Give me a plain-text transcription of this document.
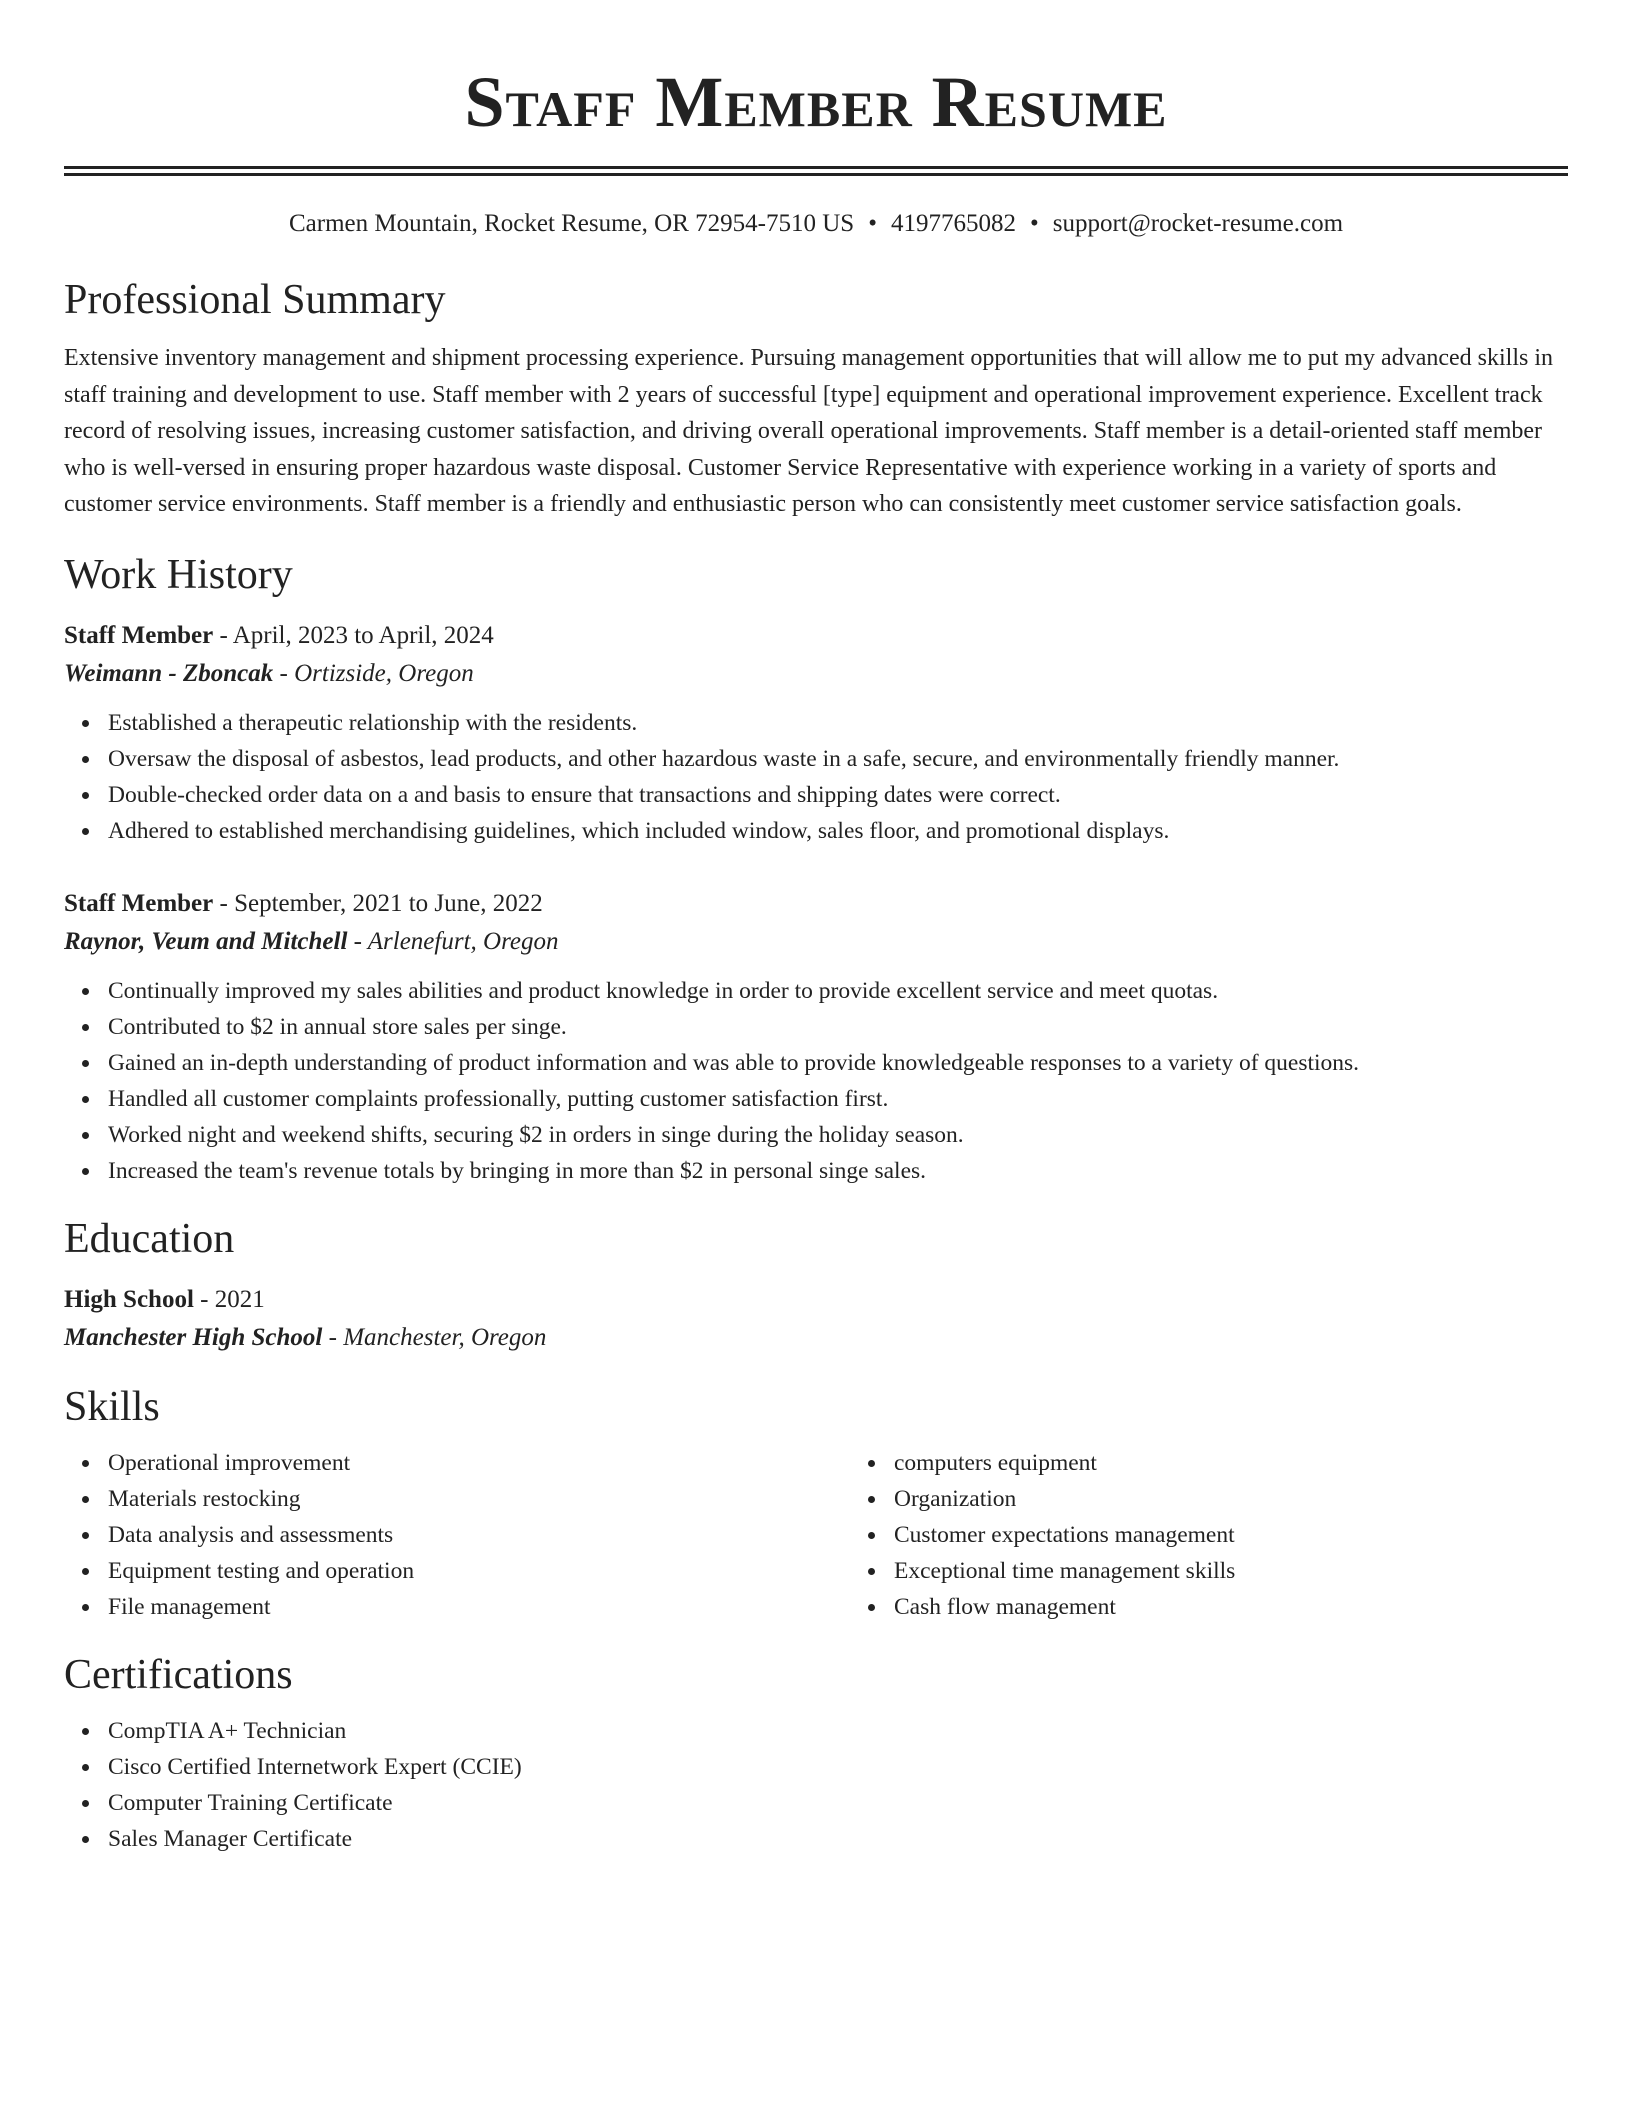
Staff Member Resume
Carmen Mountain, Rocket Resume, OR 72954-7510 US • 4197765082 • support@rocket-resume.com
Professional Summary
Extensive inventory management and shipment processing experience. Pursuing management opportunities that will allow me to put my advanced skills in staff training and development to use. Staff member with 2 years of successful [type] equipment and operational improvement experience. Excellent track record of resolving issues, increasing customer satisfaction, and driving overall operational improvements. Staff member is a detail-oriented staff member who is well-versed in ensuring proper hazardous waste disposal. Customer Service Representative with experience working in a variety of sports and customer service environments. Staff member is a friendly and enthusiastic person who can consistently meet customer service satisfaction goals.
Work History
Staff Member - April, 2023 to April, 2024
Weimann - Zboncak - Ortizside, Oregon
Established a therapeutic relationship with the residents.
Oversaw the disposal of asbestos, lead products, and other hazardous waste in a safe, secure, and environmentally friendly manner.
Double-checked order data on a and basis to ensure that transactions and shipping dates were correct.
Adhered to established merchandising guidelines, which included window, sales floor, and promotional displays.
Staff Member - September, 2021 to June, 2022
Raynor, Veum and Mitchell - Arlenefurt, Oregon
Continually improved my sales abilities and product knowledge in order to provide excellent service and meet quotas.
Contributed to $2 in annual store sales per singe.
Gained an in-depth understanding of product information and was able to provide knowledgeable responses to a variety of questions.
Handled all customer complaints professionally, putting customer satisfaction first.
Worked night and weekend shifts, securing $2 in orders in singe during the holiday season.
Increased the team's revenue totals by bringing in more than $2 in personal singe sales.
Education
High School - 2021
Manchester High School - Manchester, Oregon
Skills
Operational improvement
Materials restocking
Data analysis and assessments
Equipment testing and operation
File management
computers equipment
Organization
Customer expectations management
Exceptional time management skills
Cash flow management
Certifications
CompTIA A+ Technician
Cisco Certified Internetwork Expert (CCIE)
Computer Training Certificate
Sales Manager Certificate
